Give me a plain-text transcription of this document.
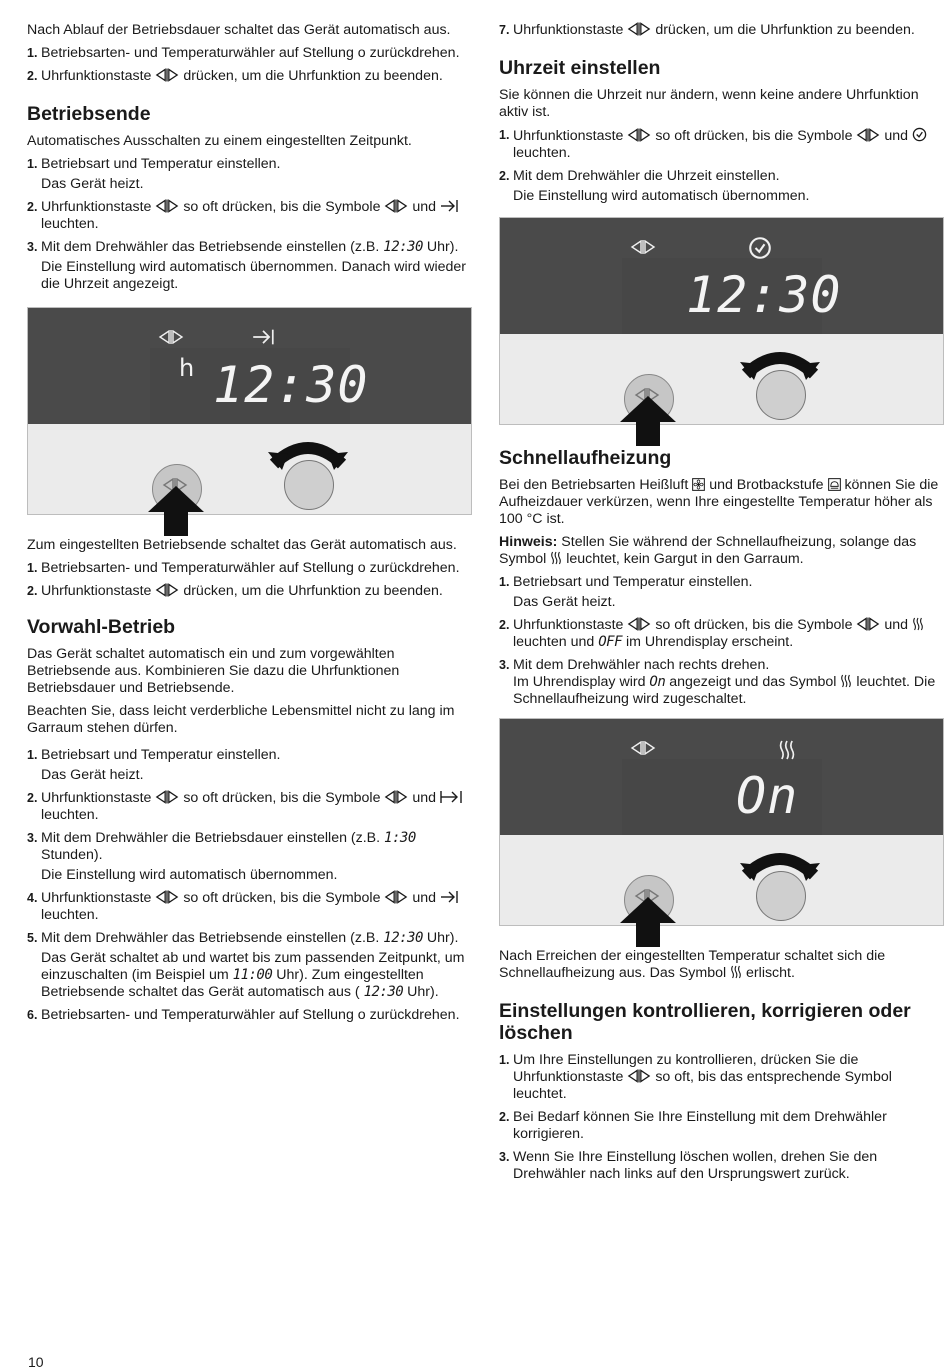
Nach Ablauf der Betriebsdauer schaltet das Gerät automatisch aus.

1. Betriebsarten- und Temperaturwähler auf Stellung o zurückdrehen.
2. Uhrfunktionstaste drücken, um die Uhrfunktion zu beenden.
Betriebsende

Automatisches Ausschalten zu einem eingestellten Zeitpunkt.

1. Betriebsart und Temperatur einstellen.
Das Gerät heizt.
2. Uhrfunktionstaste so oft drücken, bis die Symbole und  leuchten.
3. Mit dem Drehwähler das Betriebsende einstellen (z.B. 12:30 Uhr).
Die Einstellung wird automatisch übernommen. Danach wird wieder die Uhrzeit angezeigt.
h 12:30

Zum eingestellten Betriebsende schaltet das Gerät automatisch aus.

1. Betriebsarten- und Temperaturwähler auf Stellung o zurückdrehen.
2. Uhrfunktionstaste drücken, um die Uhrfunktion zu beenden.
Vorwahl-Betrieb

Das Gerät schaltet automatisch ein und zum vorgewählten Betriebsende aus. Kombinieren Sie dazu die Uhrfunktionen Betriebsdauer und Betriebsende.

Beachten Sie, dass leicht verderbliche Lebensmittel nicht zu lang im Garraum stehen dürfen.

1. Betriebsart und Temperatur einstellen.
Das Gerät heizt.
2. Uhrfunktionstaste so oft drücken, bis die Symbole und  leuchten.
3. Mit dem Drehwähler die Betriebsdauer einstellen (z.B. 1:30 Stunden).
Die Einstellung wird automatisch übernommen.
4. Uhrfunktionstaste so oft drücken, bis die Symbole und  leuchten.
5. Mit dem Drehwähler das Betriebsende einstellen (z.B. 12:30 Uhr).
Das Gerät schaltet ab und wartet bis zum passenden Zeitpunkt, um einzuschalten (im Beispiel um 11:00 Uhr). Zum eingestellten Betriebsende schaltet das Gerät automatisch aus ( 12:30 Uhr).
6. Betriebsarten- und Temperaturwähler auf Stellung o zurückdrehen.
7. Uhrfunktionstaste drücken, um die Uhrfunktion zu beenden.
Uhrzeit einstellen

Sie können die Uhrzeit nur ändern, wenn keine andere Uhrfunktion aktiv ist.

1. Uhrfunktionstaste so oft drücken, bis die Symbole und  leuchten.
2. Mit dem Drehwähler die Uhrzeit einstellen.
Die Einstellung wird automatisch übernommen.
12:30
Schnellaufheizung

Bei den Betriebsarten Heißluft und Brotbackstufe können Sie die Aufheizdauer verkürzen, wenn Ihre eingestellte Temperatur höher als 100 °C ist.

Hinweis: Stellen Sie während der Schnellaufheizung, solange das Symbol leuchtet, kein Gargut in den Garraum.

1. Betriebsart und Temperatur einstellen.
Das Gerät heizt.
2. Uhrfunktionstaste so oft drücken, bis die Symbole und  leuchten und OFF im Uhrendisplay erscheint.
3. Mit dem Drehwähler nach rechts drehen.
Im Uhrendisplay wird On angezeigt und das Symbol leuchtet. Die Schnellaufheizung wird zugeschaltet.
On

Nach Erreichen der eingestellten Temperatur schaltet sich die Schnellaufheizung aus. Das Symbol erlischt.

Einstellungen kontrollieren, korrigieren oder löschen
1. Um Ihre Einstellungen zu kontrollieren, drücken Sie die Uhrfunktionstaste so oft, bis das entsprechende Symbol leuchtet.
2. Bei Bedarf können Sie Ihre Einstellung mit dem Drehwähler korrigieren.
3. Wenn Sie Ihre Einstellung löschen wollen, drehen Sie den Drehwähler nach links auf den Ursprungswert zurück.
10
